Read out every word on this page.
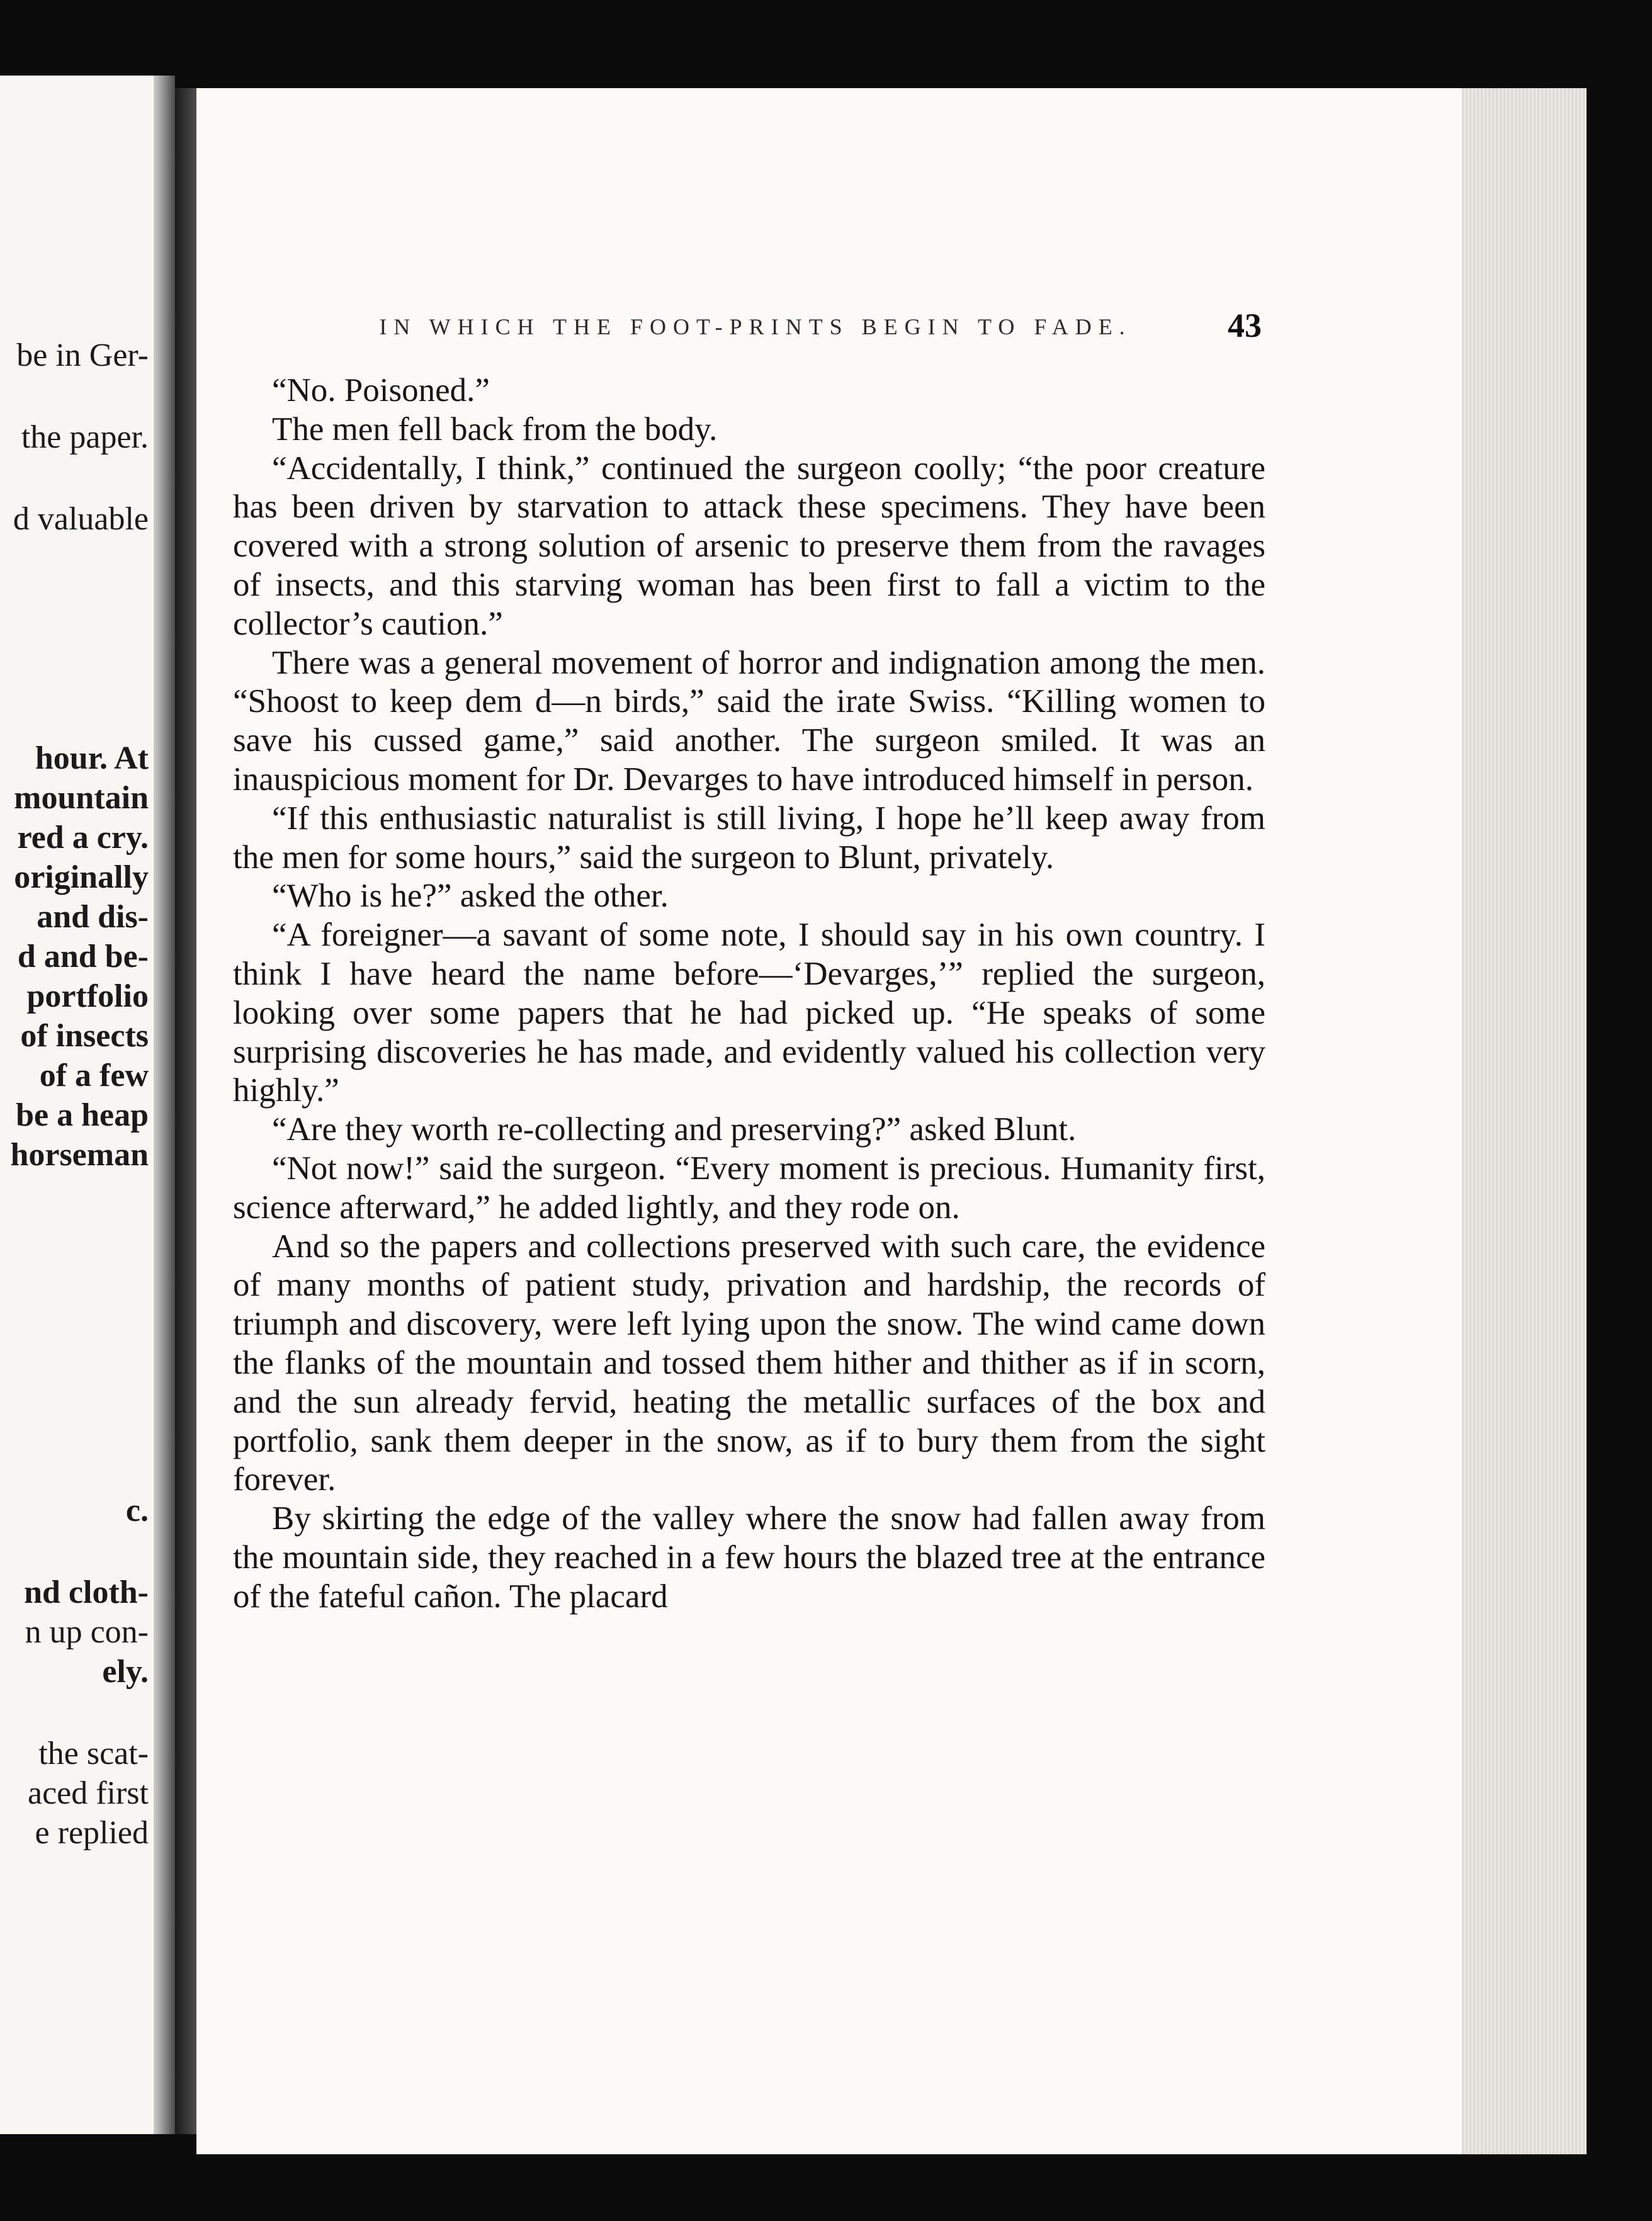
be in Ger-

the paper.

d valuable

hour. At

mountain

red a cry.

originally

and dis-

d and be-

portfolio

of insects

of a few

be a heap

horseman

c.

nd cloth-

n up con-

ely.

the scat-

aced first

e replied

IN WHICH THE FOOT-PRINTS BEGIN TO FADE.	43

“No. Poisoned.”

The men fell back from the body.

“Accidentally, I think,” continued the surgeon coolly; “the poor creature has been driven by starvation to attack these specimens. They have been covered with a strong solution of arsenic to preserve them from the ravages of insects, and this starving woman has been first to fall a victim to the collector’s caution.”

There was a general movement of horror and indignation among the men. “Shoost to keep dem d—n birds,” said the irate Swiss. “Killing women to save his cussed game,” said another. The surgeon smiled. It was an inauspicious moment for Dr. Devarges to have introduced himself in person.

“If this enthusiastic naturalist is still living, I hope he’ll keep away from the men for some hours,” said the surgeon to Blunt, privately.

“Who is he?” asked the other.

“A foreigner—a savant of some note, I should say in his own country. I think I have heard the name before—‘Devarges,’” replied the surgeon, looking over some papers that he had picked up. “He speaks of some surprising discoveries he has made, and evidently valued his collection very highly.”

“Are they worth re-collecting and preserving?” asked Blunt.

“Not now!” said the surgeon. “Every moment is precious. Humanity first, science afterward,” he added lightly, and they rode on.

And so the papers and collections preserved with such care, the evidence of many months of patient study, privation and hardship, the records of triumph and discovery, were left lying upon the snow. The wind came down the flanks of the mountain and tossed them hither and thither as if in scorn, and the sun already fervid, heating the metallic surfaces of the box and portfolio, sank them deeper in the snow, as if to bury them from the sight forever.

By skirting the edge of the valley where the snow had fallen away from the mountain side, they reached in a few hours the blazed tree at the entrance of the fateful cañon. The placard
